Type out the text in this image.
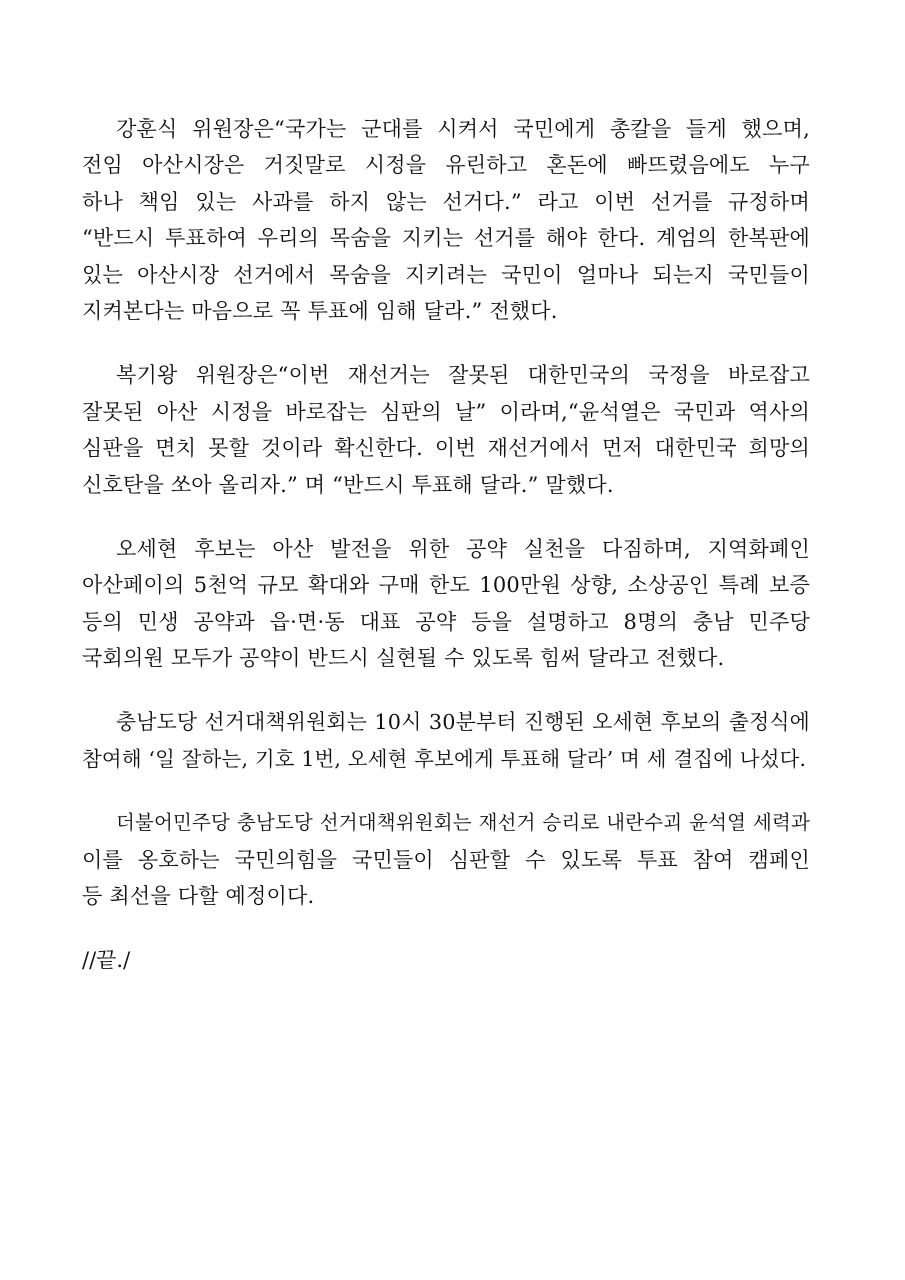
강훈식 위원장은“국가는 군대를 시켜서 국민에게 총칼을 들게 했으며,
전임 아산시장은 거짓말로 시정을 유린하고 혼돈에 빠뜨렸음에도 누구
하나 책임 있는 사과를 하지 않는 선거다.” 라고 이번 선거를 규정하며
“반드시 투표하여 우리의 목숨을 지키는 선거를 해야 한다. 계엄의 한복판에
있는 아산시장 선거에서 목숨을 지키려는 국민이 얼마나 되는지 국민들이
지켜본다는 마음으로 꼭 투표에 임해 달라.” 전했다.
복기왕 위원장은“이번 재선거는 잘못된 대한민국의 국정을 바로잡고
잘못된 아산 시정을 바로잡는 심판의 날” 이라며,“윤석열은 국민과 역사의
심판을 면치 못할 것이라 확신한다. 이번 재선거에서 먼저 대한민국 희망의
신호탄을 쏘아 올리자.” 며 “반드시 투표해 달라.” 말했다.
오세현 후보는 아산 발전을 위한 공약 실천을 다짐하며, 지역화폐인
아산페이의 5천억 규모 확대와 구매 한도 100만원 상향, 소상공인 특례 보증
등의 민생 공약과 읍·면·동 대표 공약 등을 설명하고 8명의 충남 민주당
국회의원 모두가 공약이 반드시 실현될 수 있도록 힘써 달라고 전했다.
충남도당 선거대책위원회는 10시 30분부터 진행된 오세현 후보의 출정식에
참여해 ‘일 잘하는, 기호 1번, 오세현 후보에게 투표해 달라’ 며 세 결집에 나섰다.
더불어민주당 충남도당 선거대책위원회는 재선거 승리로 내란수괴 윤석열 세력과
이를 옹호하는 국민의힘을 국민들이 심판할 수 있도록 투표 참여 캠페인
등 최선을 다할 예정이다.
//끝./
